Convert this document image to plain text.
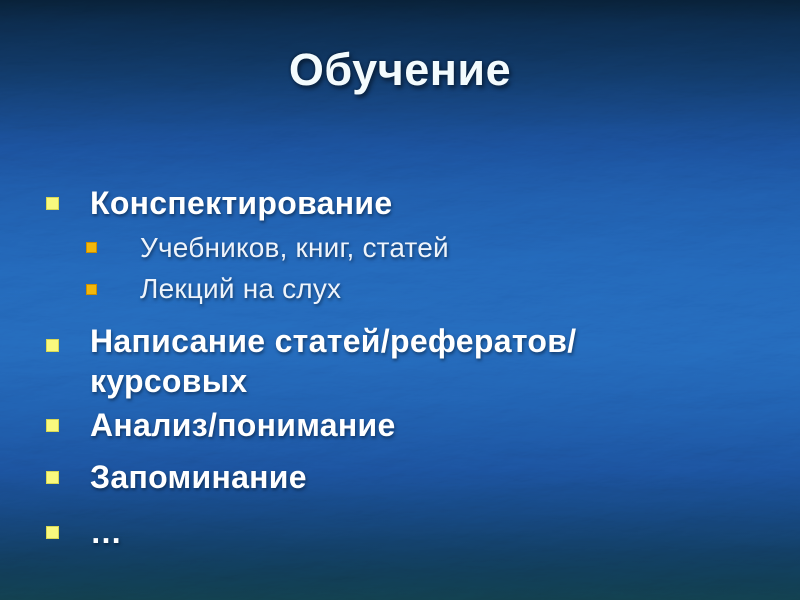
Обучение
Конспектирование
Учебников, книг, статей
Лекций на слух
Написание статей/рефератов/курсовых
Анализ/понимание
Запоминание
…
